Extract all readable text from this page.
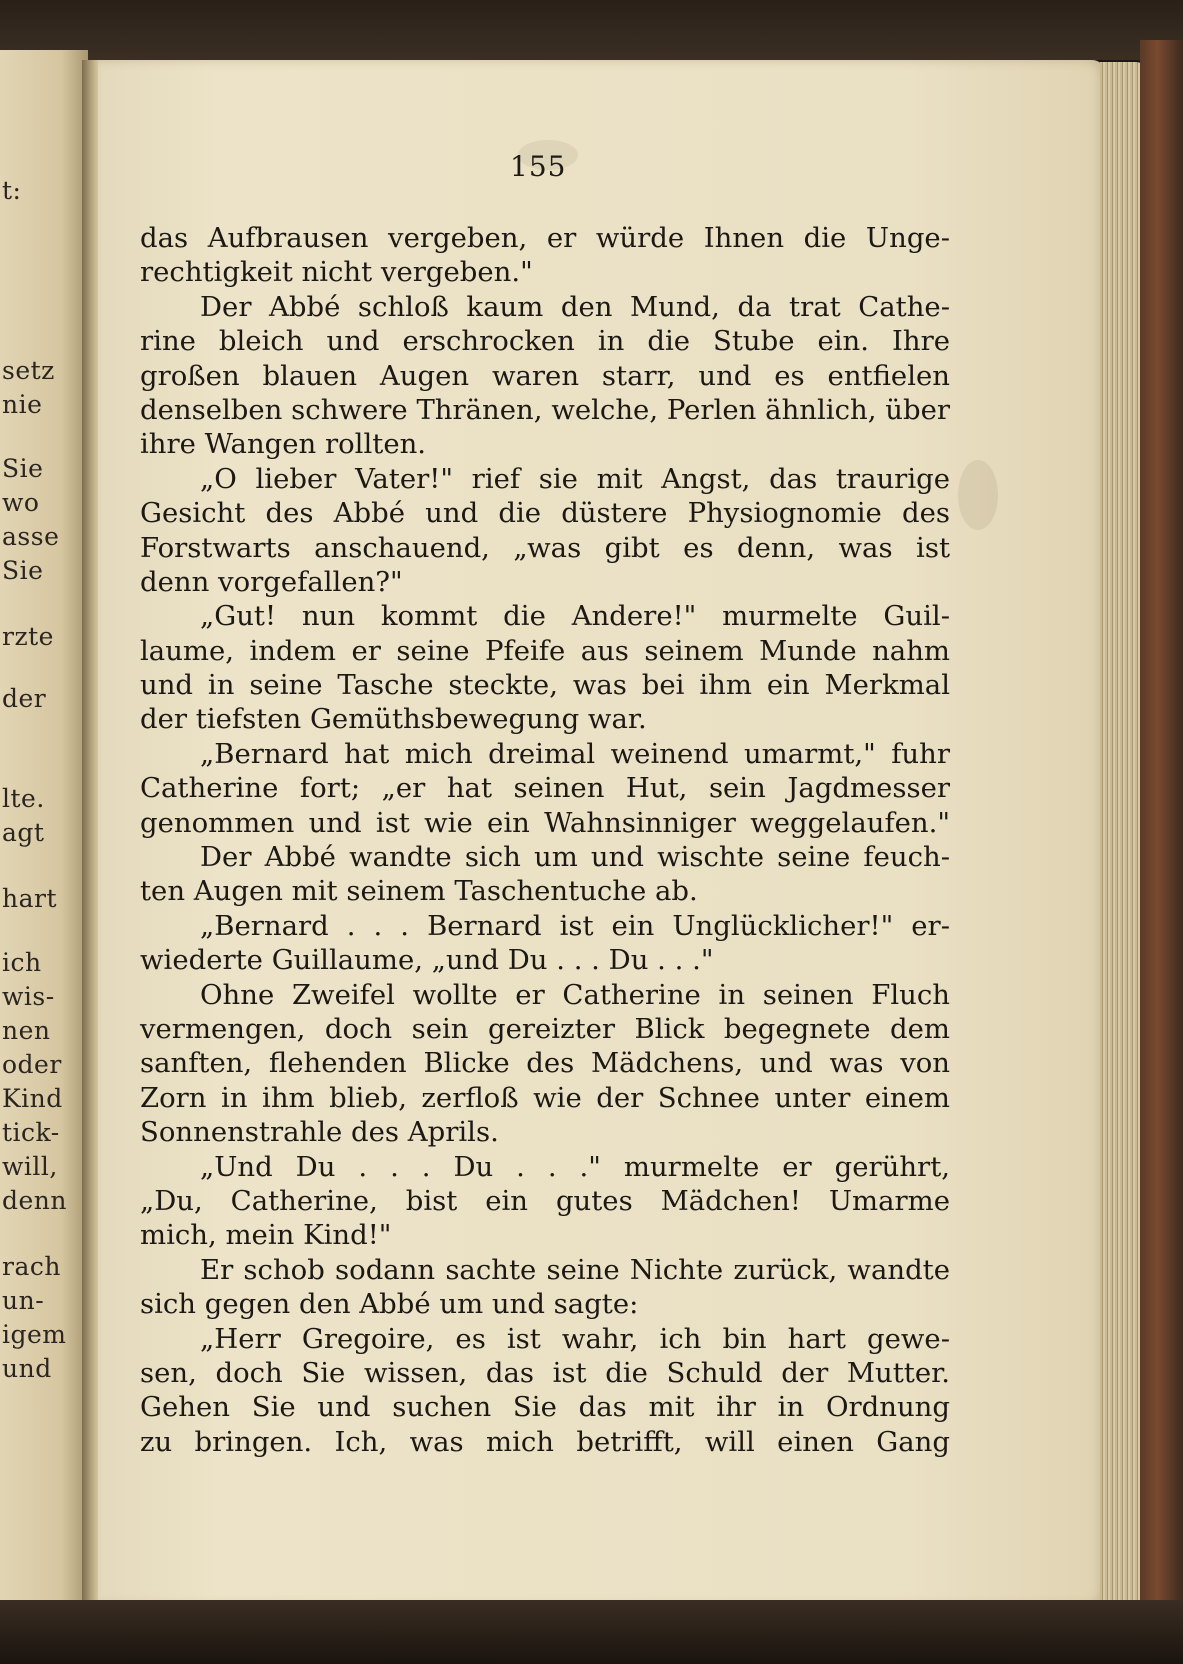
t:
setz
nie
Sie
wo
asse
Sie
rzte
der
lte.
agt
hart
ich
wis-
nen
oder
Kind
tick-
will,
denn
rach
un-
igem
und
155
das Aufbrausen vergeben, er würde Ihnen die Unge-
rechtigkeit nicht vergeben."
Der Abbé schloß kaum den Mund, da trat Cathe-
rine bleich und erschrocken in die Stube ein. Ihre
großen blauen Augen waren starr, und es entfielen
denselben schwere Thränen, welche, Perlen ähnlich, über
ihre Wangen rollten.
„O lieber Vater!" rief sie mit Angst, das traurige
Gesicht des Abbé und die düstere Physiognomie des
Forstwarts anschauend, „was gibt es denn, was ist
denn vorgefallen?"
„Gut! nun kommt die Andere!" murmelte Guil-
laume, indem er seine Pfeife aus seinem Munde nahm
und in seine Tasche steckte, was bei ihm ein Merkmal
der tiefsten Gemüthsbewegung war.
„Bernard hat mich dreimal weinend umarmt," fuhr
Catherine fort; „er hat seinen Hut, sein Jagdmesser
genommen und ist wie ein Wahnsinniger weggelaufen."
Der Abbé wandte sich um und wischte seine feuch-
ten Augen mit seinem Taschentuche ab.
„Bernard . . . Bernard ist ein Unglücklicher!" er-
wiederte Guillaume, „und Du . . . Du . . ."
Ohne Zweifel wollte er Catherine in seinen Fluch
vermengen, doch sein gereizter Blick begegnete dem
sanften, flehenden Blicke des Mädchens, und was von
Zorn in ihm blieb, zerfloß wie der Schnee unter einem
Sonnenstrahle des Aprils.
„Und Du . . . Du . . ." murmelte er gerührt,
„Du, Catherine, bist ein gutes Mädchen! Umarme
mich, mein Kind!"
Er schob sodann sachte seine Nichte zurück, wandte
sich gegen den Abbé um und sagte:
„Herr Gregoire, es ist wahr, ich bin hart gewe-
sen, doch Sie wissen, das ist die Schuld der Mutter.
Gehen Sie und suchen Sie das mit ihr in Ordnung
zu bringen. Ich, was mich betrifft, will einen Gang
